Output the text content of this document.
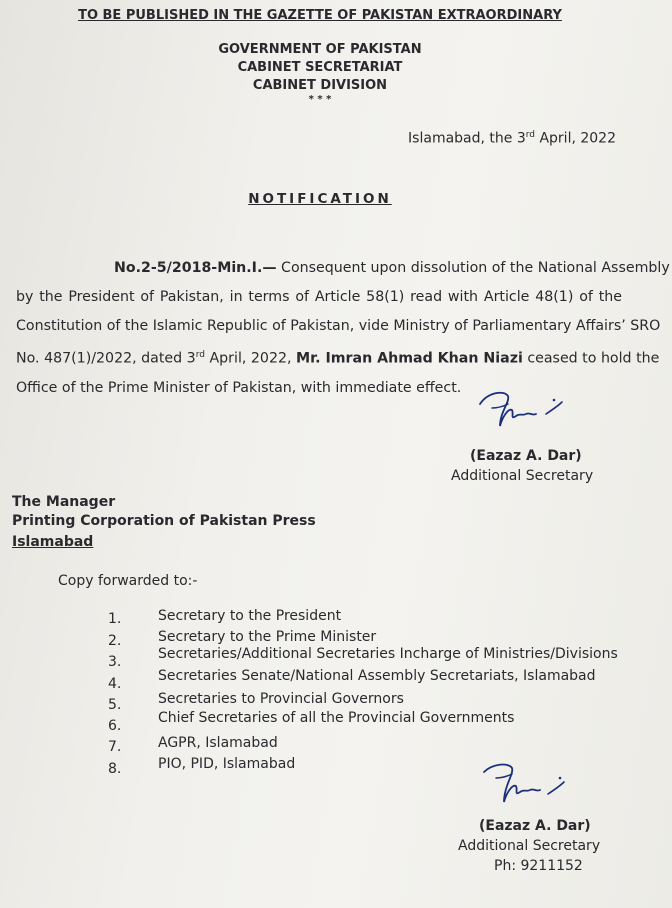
TO BE PUBLISHED IN THE GAZETTE OF PAKISTAN EXTRAORDINARY
GOVERNMENT OF PAKISTAN
CABINET SECRETARIAT
CABINET DIVISION
* * *
Islamabad, the 3rd April, 2022
NOTIFICATION
No.2-5/2018-Min.I.— Consequent upon dissolution of the National Assembly
by the President of Pakistan, in terms of Article 58(1) read with Article 48(1) of the
Constitution of the Islamic Republic of Pakistan, vide Ministry of Parliamentary Affairs’ SRO
No. 487(1)/2022, dated 3rd April, 2022, Mr. Imran Ahmad Khan Niazi ceased to hold the
Office of the Prime Minister of Pakistan, with immediate effect.
(Eazaz A. Dar)
Additional Secretary
The Manager
Printing Corporation of Pakistan Press
Islamabad
Copy forwarded to:-
1.	Secretary to the President
2.	Secretary to the Prime Minister
3.	Secretaries/Additional Secretaries Incharge of Ministries/Divisions
4.	Secretaries Senate/National Assembly Secretariats, Islamabad
5.	Secretaries to Provincial Governors
6.	Chief Secretaries of all the Provincial Governments
7.	AGPR, Islamabad
8.	PIO, PID, Islamabad
(Eazaz A. Dar)
Additional Secretary
Ph: 9211152
